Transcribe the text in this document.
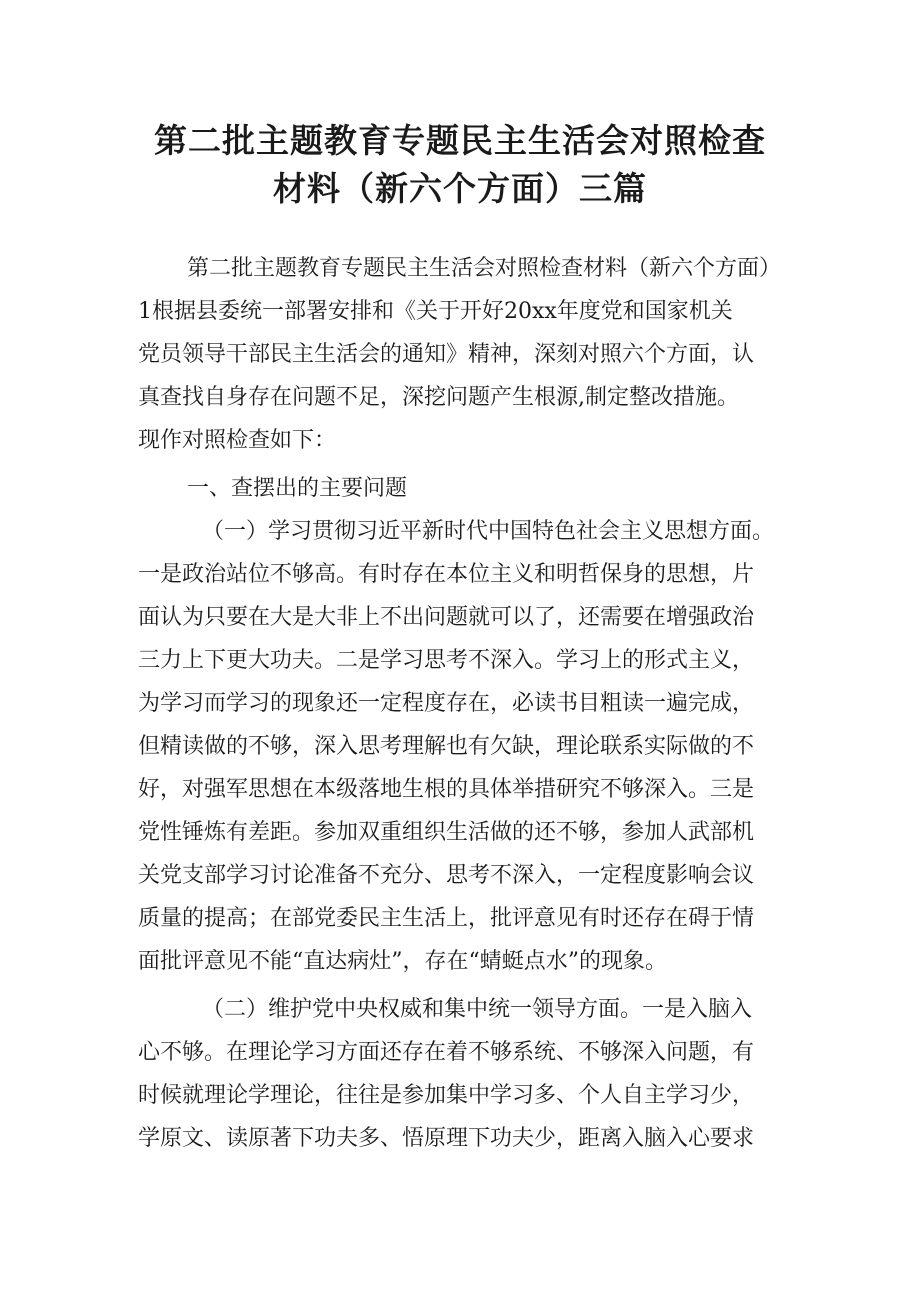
第二批主题教育专题民主生活会对照检查
材料（新六个方面）三篇
第二批主题教育专题民主生活会对照检查材料（新六个方面）
1根据县委统一部署安排和《关于开好20xx年度党和国家机关
党员领导干部民主生活会的通知》精神，深刻对照六个方面，认
真查找自身存在问题不足，深挖问题产生根源,制定整改措施。
现作对照检查如下：
一、查摆出的主要问题
（一）学习贯彻习近平新时代中国特色社会主义思想方面。
一是政治站位不够高。有时存在本位主义和明哲保身的思想，片
面认为只要在大是大非上不出问题就可以了，还需要在增强政治
三力上下更大功夫。二是学习思考不深入。学习上的形式主义，
为学习而学习的现象还一定程度存在，必读书目粗读一遍完成，
但精读做的不够，深入思考理解也有欠缺，理论联系实际做的不
好，对强军思想在本级落地生根的具体举措研究不够深入。三是
党性锤炼有差距。参加双重组织生活做的还不够，参加人武部机
关党支部学习讨论准备不充分、思考不深入，一定程度影响会议
质量的提高；在部党委民主生活上，批评意见有时还存在碍于情
面批评意见不能“直达病灶”，存在“蜻蜓点水”的现象。
（二）维护党中央权威和集中统一领导方面。一是入脑入
心不够。在理论学习方面还存在着不够系统、不够深入问题，有
时候就理论学理论，往往是参加集中学习多、个人自主学习少，
学原文、读原著下功夫多、悟原理下功夫少，距离入脑入心要求
